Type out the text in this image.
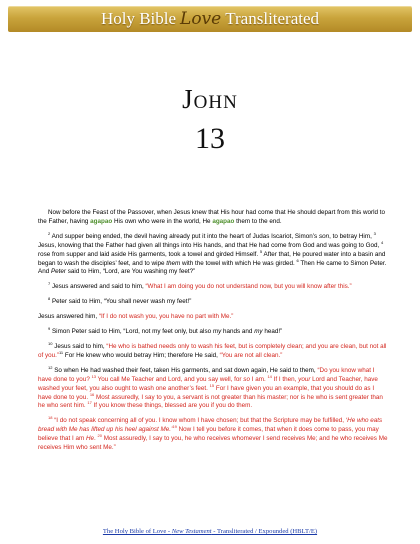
Holy Bible Love Transliterated
John
13

Now before the Feast of the Passover, when Jesus knew that His hour had come that He should depart from this world to the Father, having agapao His own who were in the world, He agapao them to the end.

$^2$ And supper being ended, the devil having already put it into the heart of Judas Iscariot, Simon’s son, to betray Him, $^3$ Jesus, knowing that the Father had given all things into His hands, and that He had come from God and was going to God, $^4$ rose from supper and laid aside His garments, took a towel and girded Himself. $^5$ After that, He poured water into a basin and began to wash the disciples’ feet, and to wipe them with the towel with which He was girded. $^6$ Then He came to Simon Peter. And Peter said to Him, “Lord, are You washing my feet?”

$^7$ Jesus answered and said to him, “What I am doing you do not understand now, but you will know after this.”

$^8$ Peter said to Him, “You shall never wash my feet!”

Jesus answered him, “If I do not wash you, you have no part with Me.”

$^9$ Simon Peter said to Him, “Lord, not my feet only, but also my hands and my head!”

$^{10}$ Jesus said to him, “He who is bathed needs only to wash his feet, but is completely clean; and you are clean, but not all of you.”$^{11}$ For He knew who would betray Him; therefore He said, “You are not all clean.”

$^{12}$ So when He had washed their feet, taken His garments, and sat down again, He said to them, “Do you know what I have done to you? $^{13}$ You call Me Teacher and Lord, and you say well, for so I am. $^{14}$ If I then, your Lord and Teacher, have washed your feet, you also ought to wash one another’s feet. $^{15}$ For I have given you an example, that you should do as I have done to you. $^{16}$ Most assuredly, I say to you, a servant is not greater than his master; nor is he who is sent greater than he who sent him. $^{17}$ If you know these things, blessed are you if you do them.

$^{18}$ “I do not speak concerning all of you. I know whom I have chosen; but that the Scripture may be fulfilled, ‘He who eats bread with Me has lifted up his heel against Me.’$^{19}$ Now I tell you before it comes, that when it does come to pass, you may believe that I am He. $^{20}$ Most assuredly, I say to you, he who receives whomever I send receives Me; and he who receives Me receives Him who sent Me.”

The Holy Bible of Love - New Testament - Transliterated / Expounded (HBLT/E)
